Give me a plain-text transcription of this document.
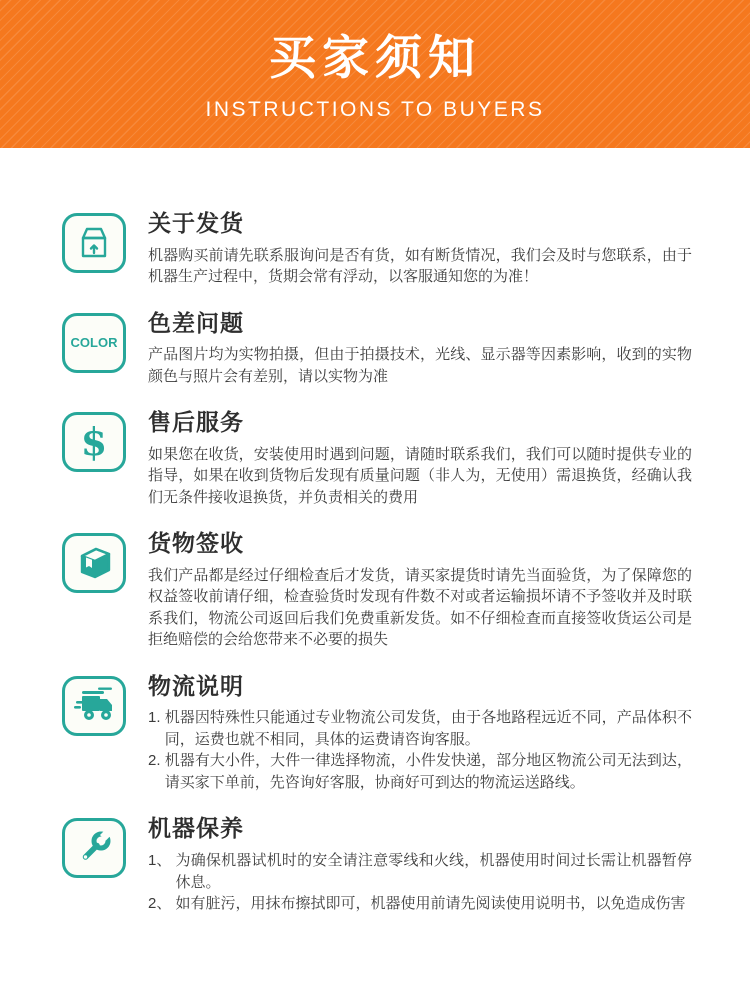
买家须知
INSTRUCTIONS TO BUYERS
关于发货
机器购买前请先联系服询问是否有货，如有断货情况，我们会及时与您联系，由于机器生产过程中，货期会常有浮动，以客服通知您的为准！
COLOR
色差问题
产品图片均为实物拍摄，但由于拍摄技术，光线、显示器等因素影响，收到的实物颜色与照片会有差别，请以实物为准
$ 售后服务
如果您在收货，安装使用时遇到问题，请随时联系我们，我们可以随时提供专业的指导，如果在收到货物后发现有质量问题（非人为，无使用）需退换货，经确认我们无条件接收退换货，并负责相关的费用
货物签收
我们产品都是经过仔细检查后才发货，请买家提货时请先当面验货，为了保障您的权益签收前请仔细，检查验货时发现有件数不对或者运输损坏请不予签收并及时联系我们，物流公司返回后我们免费重新发货。如不仔细检查而直接签收货运公司是拒绝赔偿的会给您带来不必要的损失
物流说明
1. 机器因特殊性只能通过专业物流公司发货，由于各地路程远近不同，产品体积不同，运费也就不相同，具体的运费请咨询客服。
2. 机器有大小件，大件一律选择物流，小件发快递，部分地区物流公司无法到达，请买家下单前，先咨询好客服，协商好可到达的物流运送路线。
机器保养
1、 为确保机器试机时的安全请注意零线和火线，机器使用时间过长需让机器暂停休息。
2、 如有脏污，用抹布擦拭即可，机器使用前请先阅读使用说明书，以免造成伤害
